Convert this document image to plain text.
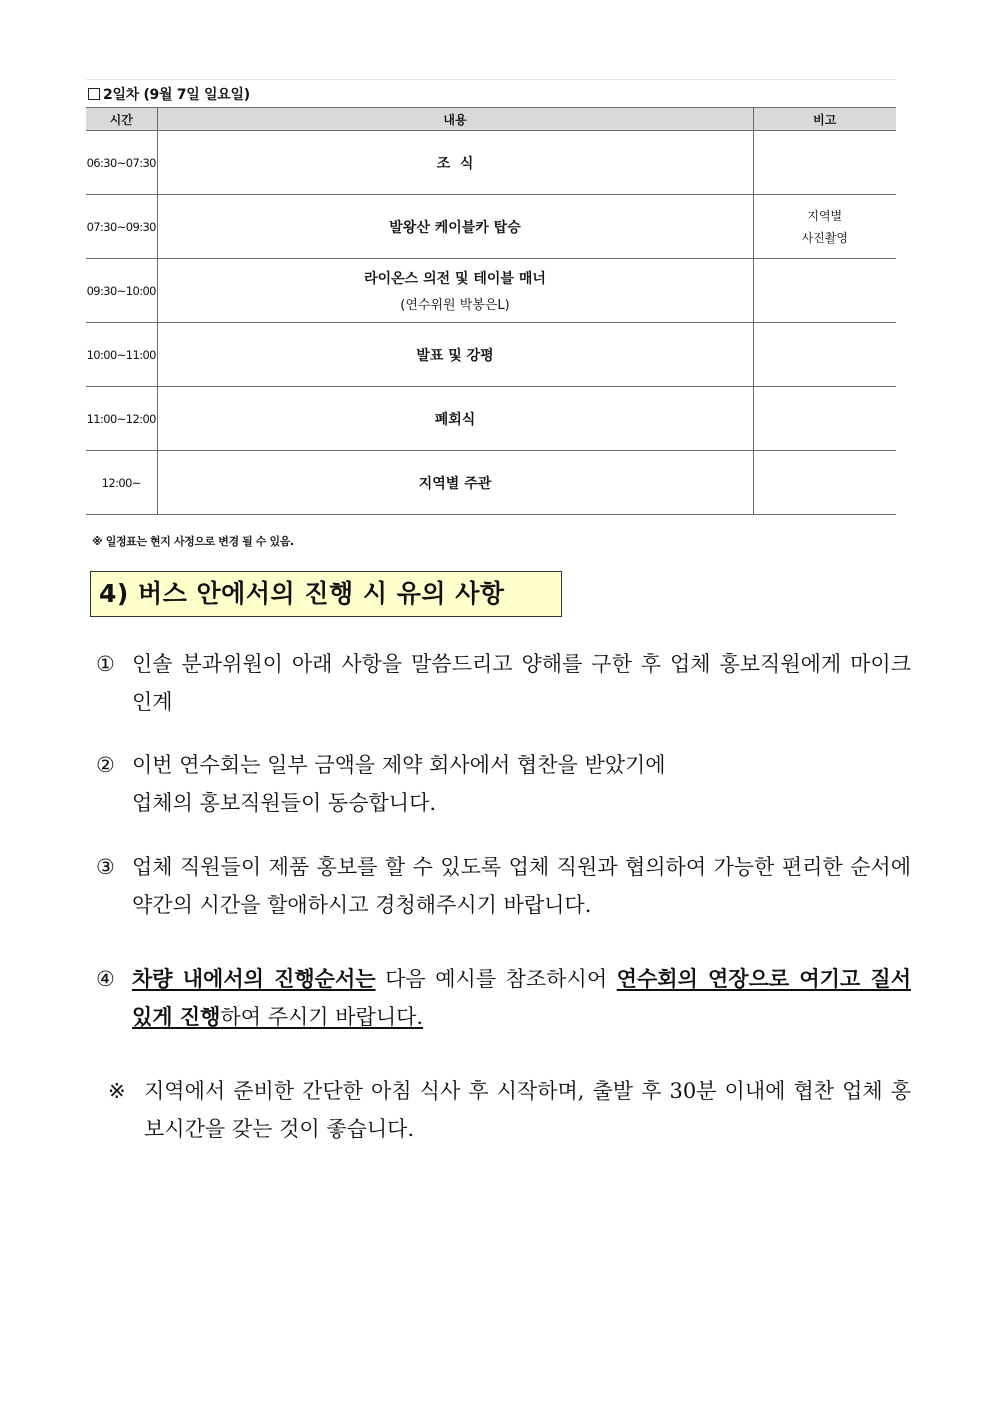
2일차 (9월 7일 일요일)
시간	내용	비고
06:30~07:30	조  식	

07:30~09:30	발왕산 케이블카 탑승	지역별
사진촬영

09:30~10:00	라이온스 의전 및 테이블 매너
(연수위원 박봉은L)	

10:00~11:00	발표 및 강평	

11:00~12:00	폐회식	

12:00~	지역별 주관	

※ 일정표는 현지 사정으로 변경 될 수 있음.
4) 버스 안에서의 진행 시 유의 사항
① 인솔 분과위원이 아래 사항을 말씀드리고 양해를 구한 후 업체 홍보직원에게 마이크 인계
② 이번 연수회는 일부 금액을 제약 회사에서 협찬을 받았기에
업체의 홍보직원들이 동승합니다.
③ 업체 직원들이 제품 홍보를 할 수 있도록 업체 직원과 협의하여 가능한 편리한 순서에 약간의 시간을 할애하시고 경청해주시기 바랍니다.
④ 차량 내에서의 진행순서는 다음 예시를 참조하시어 연수회의 연장으로 여기고 질서 있게 진행하여 주시기 바랍니다.
※ 지역에서 준비한 간단한 아침 식사 후 시작하며, 출발 후 30분 이내에 협찬 업체 홍보시간을 갖는 것이 좋습니다.
